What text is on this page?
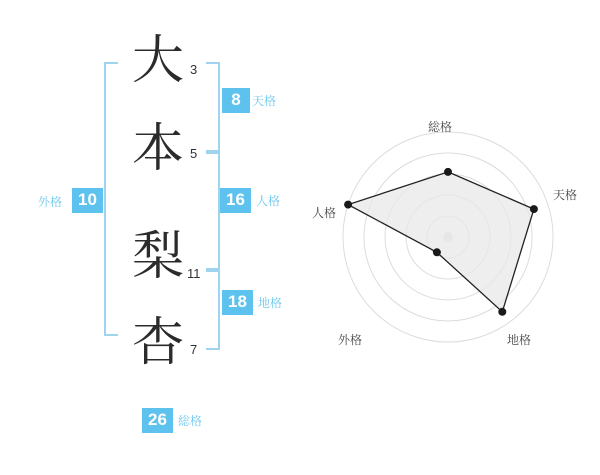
大
本
梨
杏
3
5
11
7
8 天格
16 人格
18 地格
外格 10
26 総格
総格
天格
地格
外格
人格
